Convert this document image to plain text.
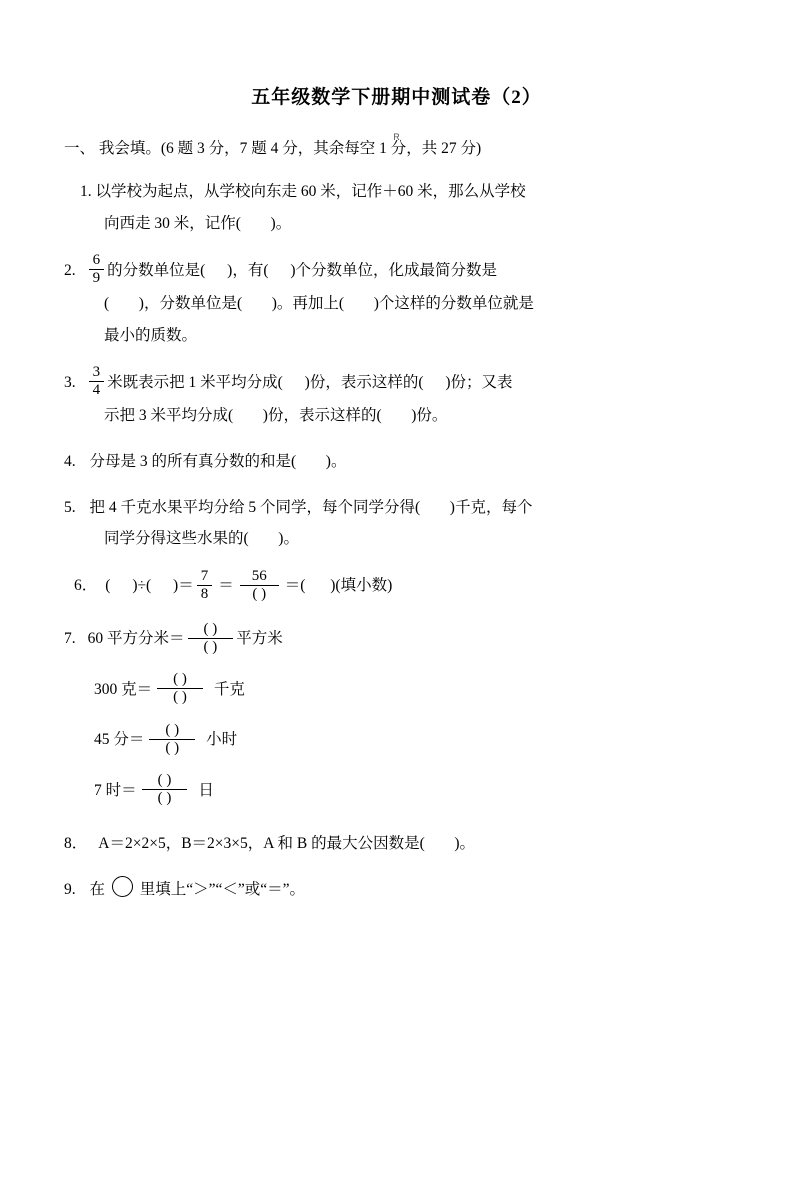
R
五年级数学下册期中测试卷（2）
一、 我会填。(6 题 3 分，7 题 4 分，其余每空 1 分，共 27 分)
1. 以学校为起点，从学校向东走 60 米，记作＋60 米，那么从学校
向西走 30 米，记作( )。
2. $\frac{6}{9}$ 的分数单位是(
)，有(
)个分数单位，化成最简分数是
( )，分数单位是( )。再加上( )个这样的分数单位就是
最小的质数。
3. $\frac{3}{4}$ 米既表示把 1 米平均分成(
)份，表示这样的(
)份；又表
示把 3 米平均分成( )份，表示这样的( )份。
4. 分母是 3 的所有真分数的和是( )。
5. 把 4 千克水果平均分给 5 个同学，每个同学分得( )千克，每个
同学分得这些水果的( )。
6． (
)÷(
)＝ $\frac{7}{8} = \frac{56}{( )}$ ＝(
)(填小数)
7. 60 平方分米＝ $\frac{( )}{( )}$ 平方米
300 克＝ $\frac{( )}{( )}$ 千克
45 分＝ $\frac{( )}{( )}$ 小时
7 时＝ $\frac{( )}{( )}$ 日
8． A＝2×2×5，B＝2×3×5，A 和 B 的最大公因数是( )。
9. 在 里填上“＞”“＜”或“＝”。
